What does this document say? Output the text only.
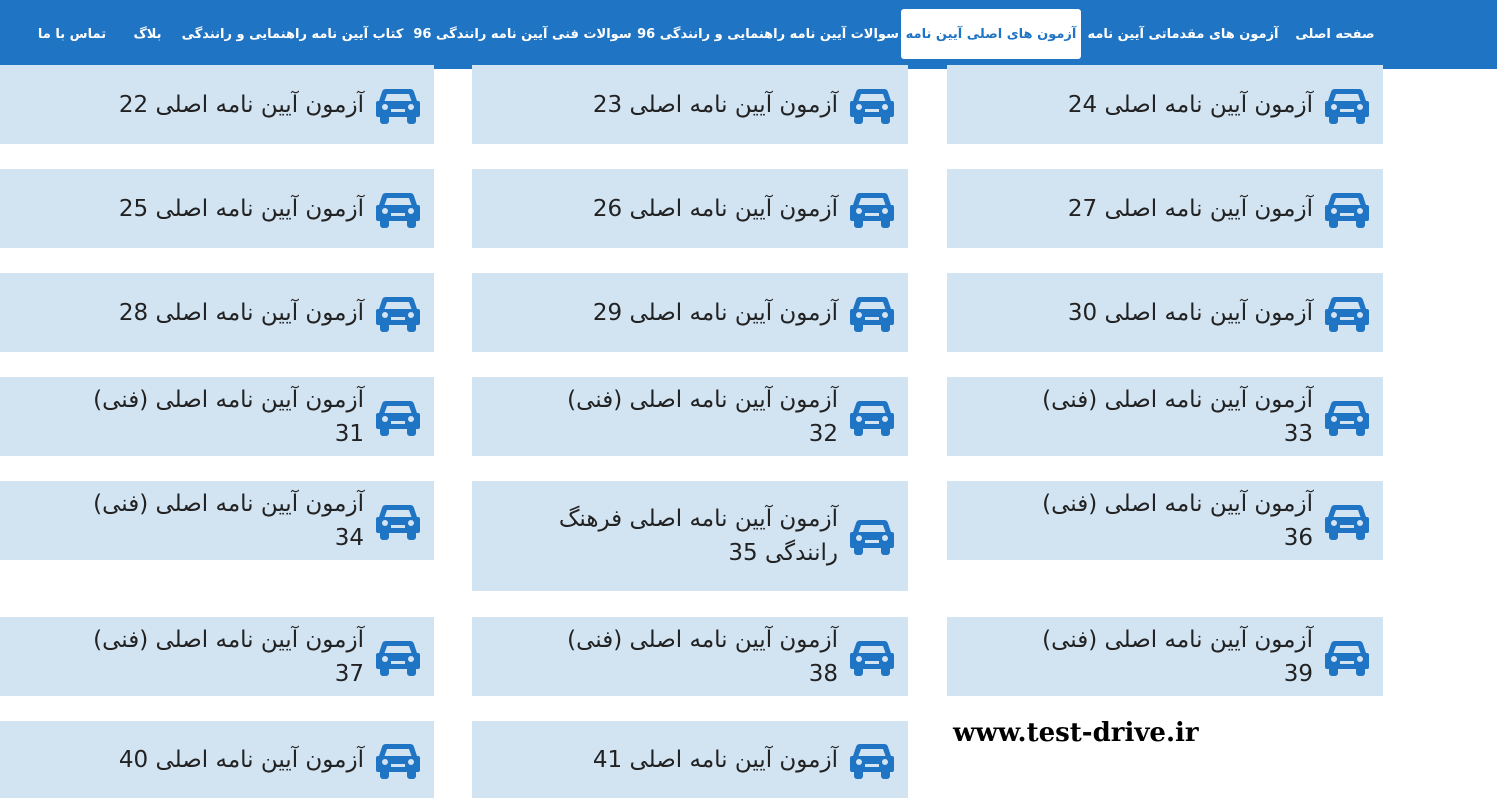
صفحه اصلی
آزمون های مقدماتی آیین نامه
آزمون های اصلی آیین نامه
سوالات آیین نامه راهنمایی و رانندگی 96
سوالات فنی آیین نامه رانندگی 96
کتاب آیین نامه راهنمایی و رانندگی
بلاگ
تماس با ما
آزمون آیین نامه اصلی 24
آزمون آیین نامه اصلی 23
آزمون آیین نامه اصلی 22
آزمون آیین نامه اصلی 27
آزمون آیین نامه اصلی 26
آزمون آیین نامه اصلی 25
آزمون آیین نامه اصلی 30
آزمون آیین نامه اصلی 29
آزمون آیین نامه اصلی 28
آزمون آیین نامه اصلی (فنی) 33
آزمون آیین نامه اصلی (فنی) 32
آزمون آیین نامه اصلی (فنی) 31
آزمون آیین نامه اصلی (فنی) 36
آزمون آیین نامه اصلی فرهنگ رانندگی 35
آزمون آیین نامه اصلی (فنی) 34
آزمون آیین نامه اصلی (فنی) 39
آزمون آیین نامه اصلی (فنی) 38
آزمون آیین نامه اصلی (فنی) 37
آزمون آیین نامه اصلی 41
آزمون آیین نامه اصلی 40
www.test-drive.ir
